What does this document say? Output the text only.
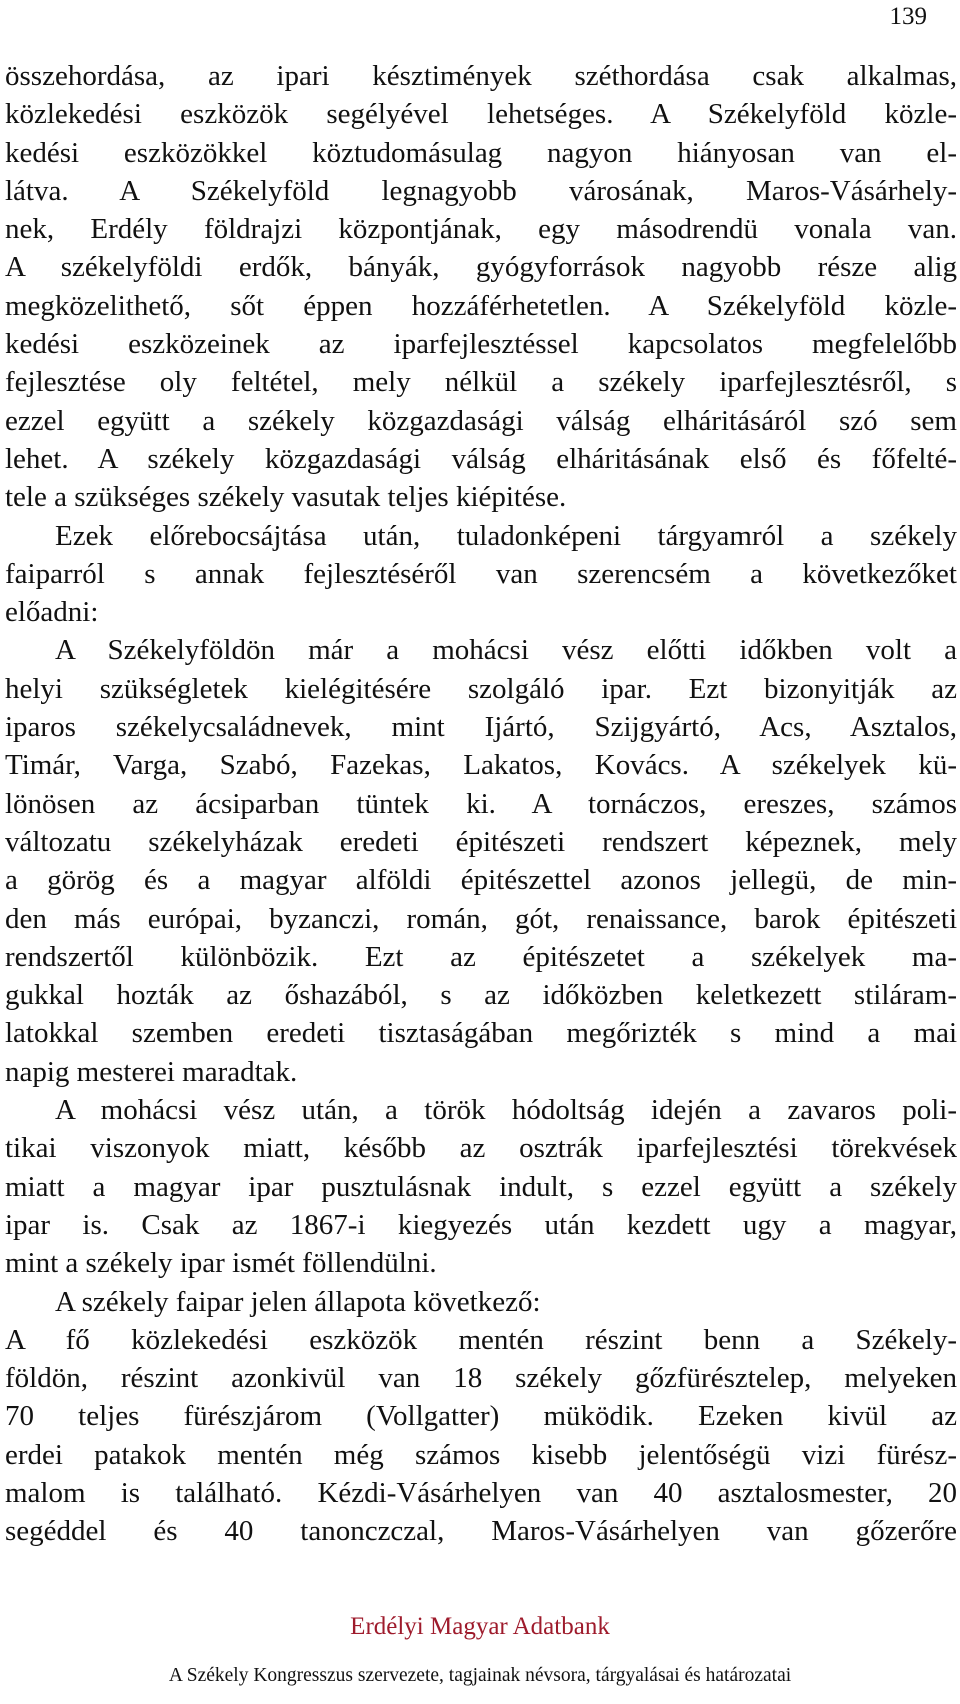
139
összehordása, az ipari késztimények széthordása csak alkalmas,
közlekedési eszközök segélyével lehetséges. A Székelyföld közle-
kedési eszközökkel köztudomásulag nagyon hiányosan van el-
látva. A Székelyföld legnagyobb városának, Maros-Vásárhely-
nek, Erdély földrajzi központjának, egy másodrendü vonala van.
A székelyföldi erdők, bányák, gyógyforrások nagyobb része alig
megközelithető, sőt éppen hozzáférhetetlen. A Székelyföld közle-
kedési eszközeinek az iparfejlesztéssel kapcsolatos megfelelőbb
fejlesztése oly feltétel, mely nélkül a székely iparfejlesztésről, s
ezzel együtt a székely közgazdasági válság elháritásáról szó sem
lehet. A székely közgazdasági válság elháritásának első és főfelté-
tele a szükséges székely vasutak teljes kiépitése.
Ezek előrebocsájtása után, tuladonképeni tárgyamról a székely
faiparról s annak fejlesztéséről van szerencsém a következőket
előadni:
A Székelyföldön már a mohácsi vész előtti időkben volt a
helyi szükségletek kielégitésére szolgáló ipar. Ezt bizonyitják az
iparos székelycsaládnevek, mint Ijártó, Szijgyártó, Acs, Asztalos,
Timár, Varga, Szabó, Fazekas, Lakatos, Kovács. A székelyek kü-
lönösen az ácsiparban tüntek ki. A tornáczos, ereszes, számos
változatu székelyházak eredeti épitészeti rendszert képeznek, mely
a görög és a magyar alföldi épitészettel azonos jellegü, de min-
den más európai, byzanczi, román, gót, renaissance, barok épitészeti
rendszertől különbözik. Ezt az épitészetet a székelyek ma-
gukkal hozták az őshazából, s az időközben keletkezett stiláram-
latokkal szemben eredeti tisztaságában megőrizték s mind a mai
napig mesterei maradtak.
A mohácsi vész után, a török hódoltság idején a zavaros poli-
tikai viszonyok miatt, később az osztrák iparfejlesztési törekvések
miatt a magyar ipar pusztulásnak indult, s ezzel együtt a székely
ipar is. Csak az 1867-i kiegyezés után kezdett ugy a magyar,
mint a székely ipar ismét föllendülni.
A székely faipar jelen állapota következő:
A fő közlekedési eszközök mentén részint benn a Székely-
földön, részint azonkivül van 18 székely gőzfürésztelep, melyeken
70 teljes fürészjárom (Vollgatter) müködik. Ezeken kivül az
erdei patakok mentén még számos kisebb jelentőségü vizi fürész-
malom is található. Kézdi-Vásárhelyen van 40 asztalosmester, 20
segéddel és 40 tanonczczal, Maros-Vásárhelyen van gőzerőre
Erdélyi Magyar Adatbank
A Székely Kongresszus szervezete, tagjainak névsora, tárgyalásai és határozatai
